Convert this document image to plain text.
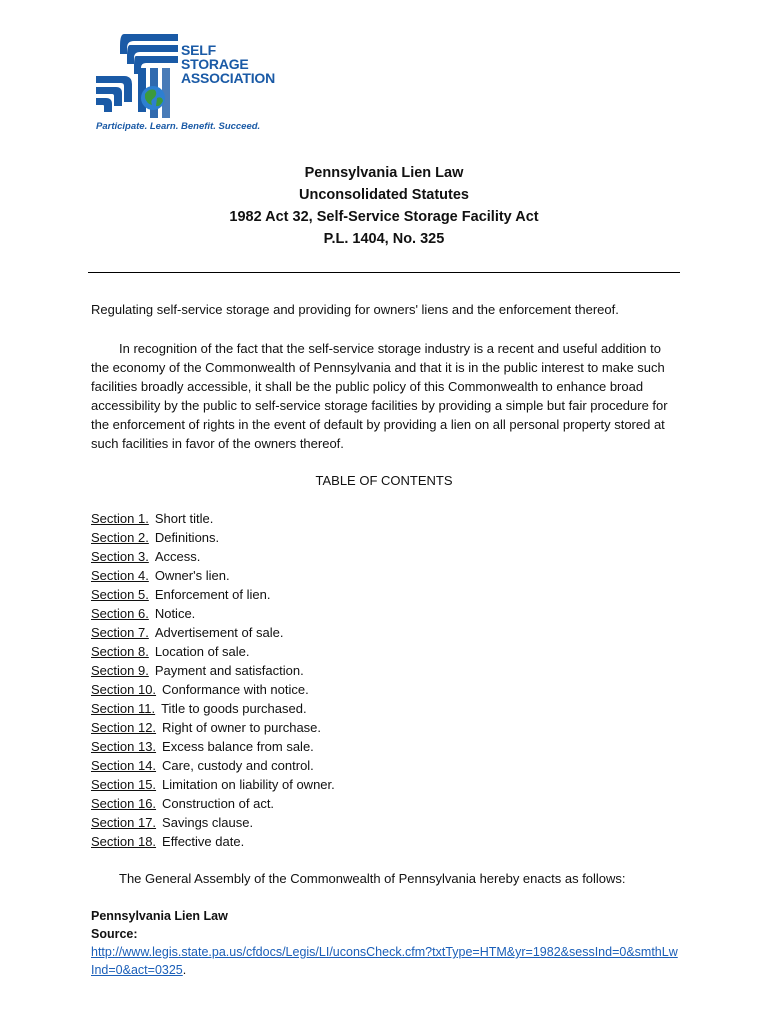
SELF
STORAGE
ASSOCIATION
Participate. Learn. Benefit. Succeed.
Pennsylvania Lien Law
Unconsolidated Statutes
1982 Act 32, Self-Service Storage Facility Act
P.L. 1404, No. 325
Regulating self-service storage and providing for owners' liens and the enforcement thereof.
In recognition of the fact that the self-service storage industry is a recent and useful addition to the economy of the Commonwealth of Pennsylvania and that it is in the public interest to make such facilities broadly accessible, it shall be the public policy of this Commonwealth to enhance broad accessibility by the public to self-service storage facilities by providing a simple but fair procedure for the enforcement of rights in the event of default by providing a lien on all personal property stored at such facilities in favor of the owners thereof.
TABLE OF CONTENTS
Section 1. Short title.
Section 2. Definitions.
Section 3. Access.
Section 4. Owner's lien.
Section 5. Enforcement of lien.
Section 6. Notice.
Section 7. Advertisement of sale.
Section 8. Location of sale.
Section 9. Payment and satisfaction.
Section 10. Conformance with notice.
Section 11. Title to goods purchased.
Section 12. Right of owner to purchase.
Section 13. Excess balance from sale.
Section 14. Care, custody and control.
Section 15. Limitation on liability of owner.
Section 16. Construction of act.
Section 17. Savings clause.
Section 18. Effective date.
The General Assembly of the Commonwealth of Pennsylvania hereby enacts as follows:
Pennsylvania Lien Law
Source:
http://www.legis.state.pa.us/cfdocs/Legis/LI/uconsCheck.cfm?txtType=HTM&yr=1982&sessInd=0&smthLwInd=0&act=0325.
